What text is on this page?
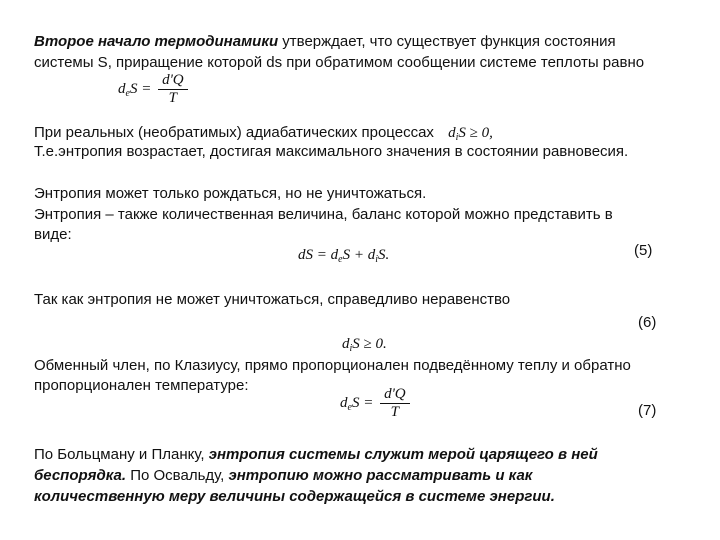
Второе начало термодинамики утверждает, что существует функция состояния
системы S, приращение которой ds при обратимом сообщении системе теплоты равно
$d_eS = \frac{d'Q}{T}$
При реальных (необратимых) адиабатических процессах $d_iS \ge 0$,
Т.е.энтропия возрастает, достигая максимального значения в состоянии равновесия.
Энтропия может только рождаться, но не уничтожаться.
Энтропия – также количественная величина, баланс которой можно представить в
виде:
dS = $d_eS + d_iS$.	(5)
Так как энтропия не может уничтожаться, справедливо неравенство
(6)
$d_iS \ge 0$.
Обменный член, по Клазиусу, прямо пропорционален подведённому теплу и обратно
пропорционален температуре:
$d_eS = \frac{d'Q}{T}$	(7)
По Больцману и Планку, энтропия системы служит мерой царящего в ней
беспорядка. По Освальду, энтропию можно рассматривать и как
количественную меру величины содержащейся в системе энергии.
